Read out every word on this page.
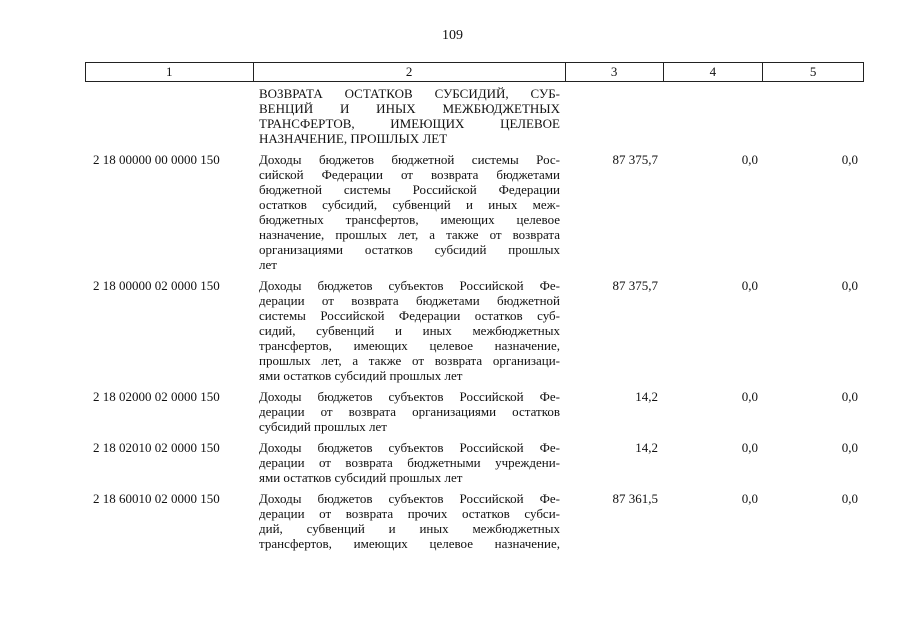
109
1	2	3	4	5
ВОЗВРАТА ОСТАТКОВ СУБСИДИЙ, СУБ-
ВЕНЦИЙ И ИНЫХ МЕЖБЮДЖЕТНЫХ
ТРАНСФЕРТОВ, ИМЕЮЩИХ ЦЕЛЕВОЕ
НАЗНАЧЕНИЕ, ПРОШЛЫХ ЛЕТ
2 18 00000 00 0000 150	Доходы бюджетов бюджетной системы Рос-
сийской Федерации от возврата бюджетами
бюджетной системы Российской Федерации
остатков субсидий, субвенций и иных меж-
бюджетных трансфертов, имеющих целевое
назначение, прошлых лет, а также от возврата
организациями остатков субсидий прошлых
лет
87 375,7	0,0	0,0
2 18 00000 02 0000 150	Доходы бюджетов субъектов Российской Фе-
дерации от возврата бюджетами бюджетной
системы Российской Федерации остатков суб-
сидий, субвенций и иных межбюджетных
трансфертов, имеющих целевое назначение,
прошлых лет, а также от возврата организаци-
ями остатков субсидий прошлых лет
87 375,7	0,0	0,0
2 18 02000 02 0000 150	Доходы бюджетов субъектов Российской Фе-
дерации от возврата организациями остатков
субсидий прошлых лет
14,2	0,0	0,0
2 18 02010 02 0000 150	Доходы бюджетов субъектов Российской Фе-
дерации от возврата бюджетными учреждени-
ями остатков субсидий прошлых лет
14,2	0,0	0,0
2 18 60010 02 0000 150	Доходы бюджетов субъектов Российской Фе-
дерации от возврата прочих остатков субси-
дий, субвенций и иных межбюджетных
трансфертов, имеющих целевое назначение,
87 361,5	0,0	0,0
